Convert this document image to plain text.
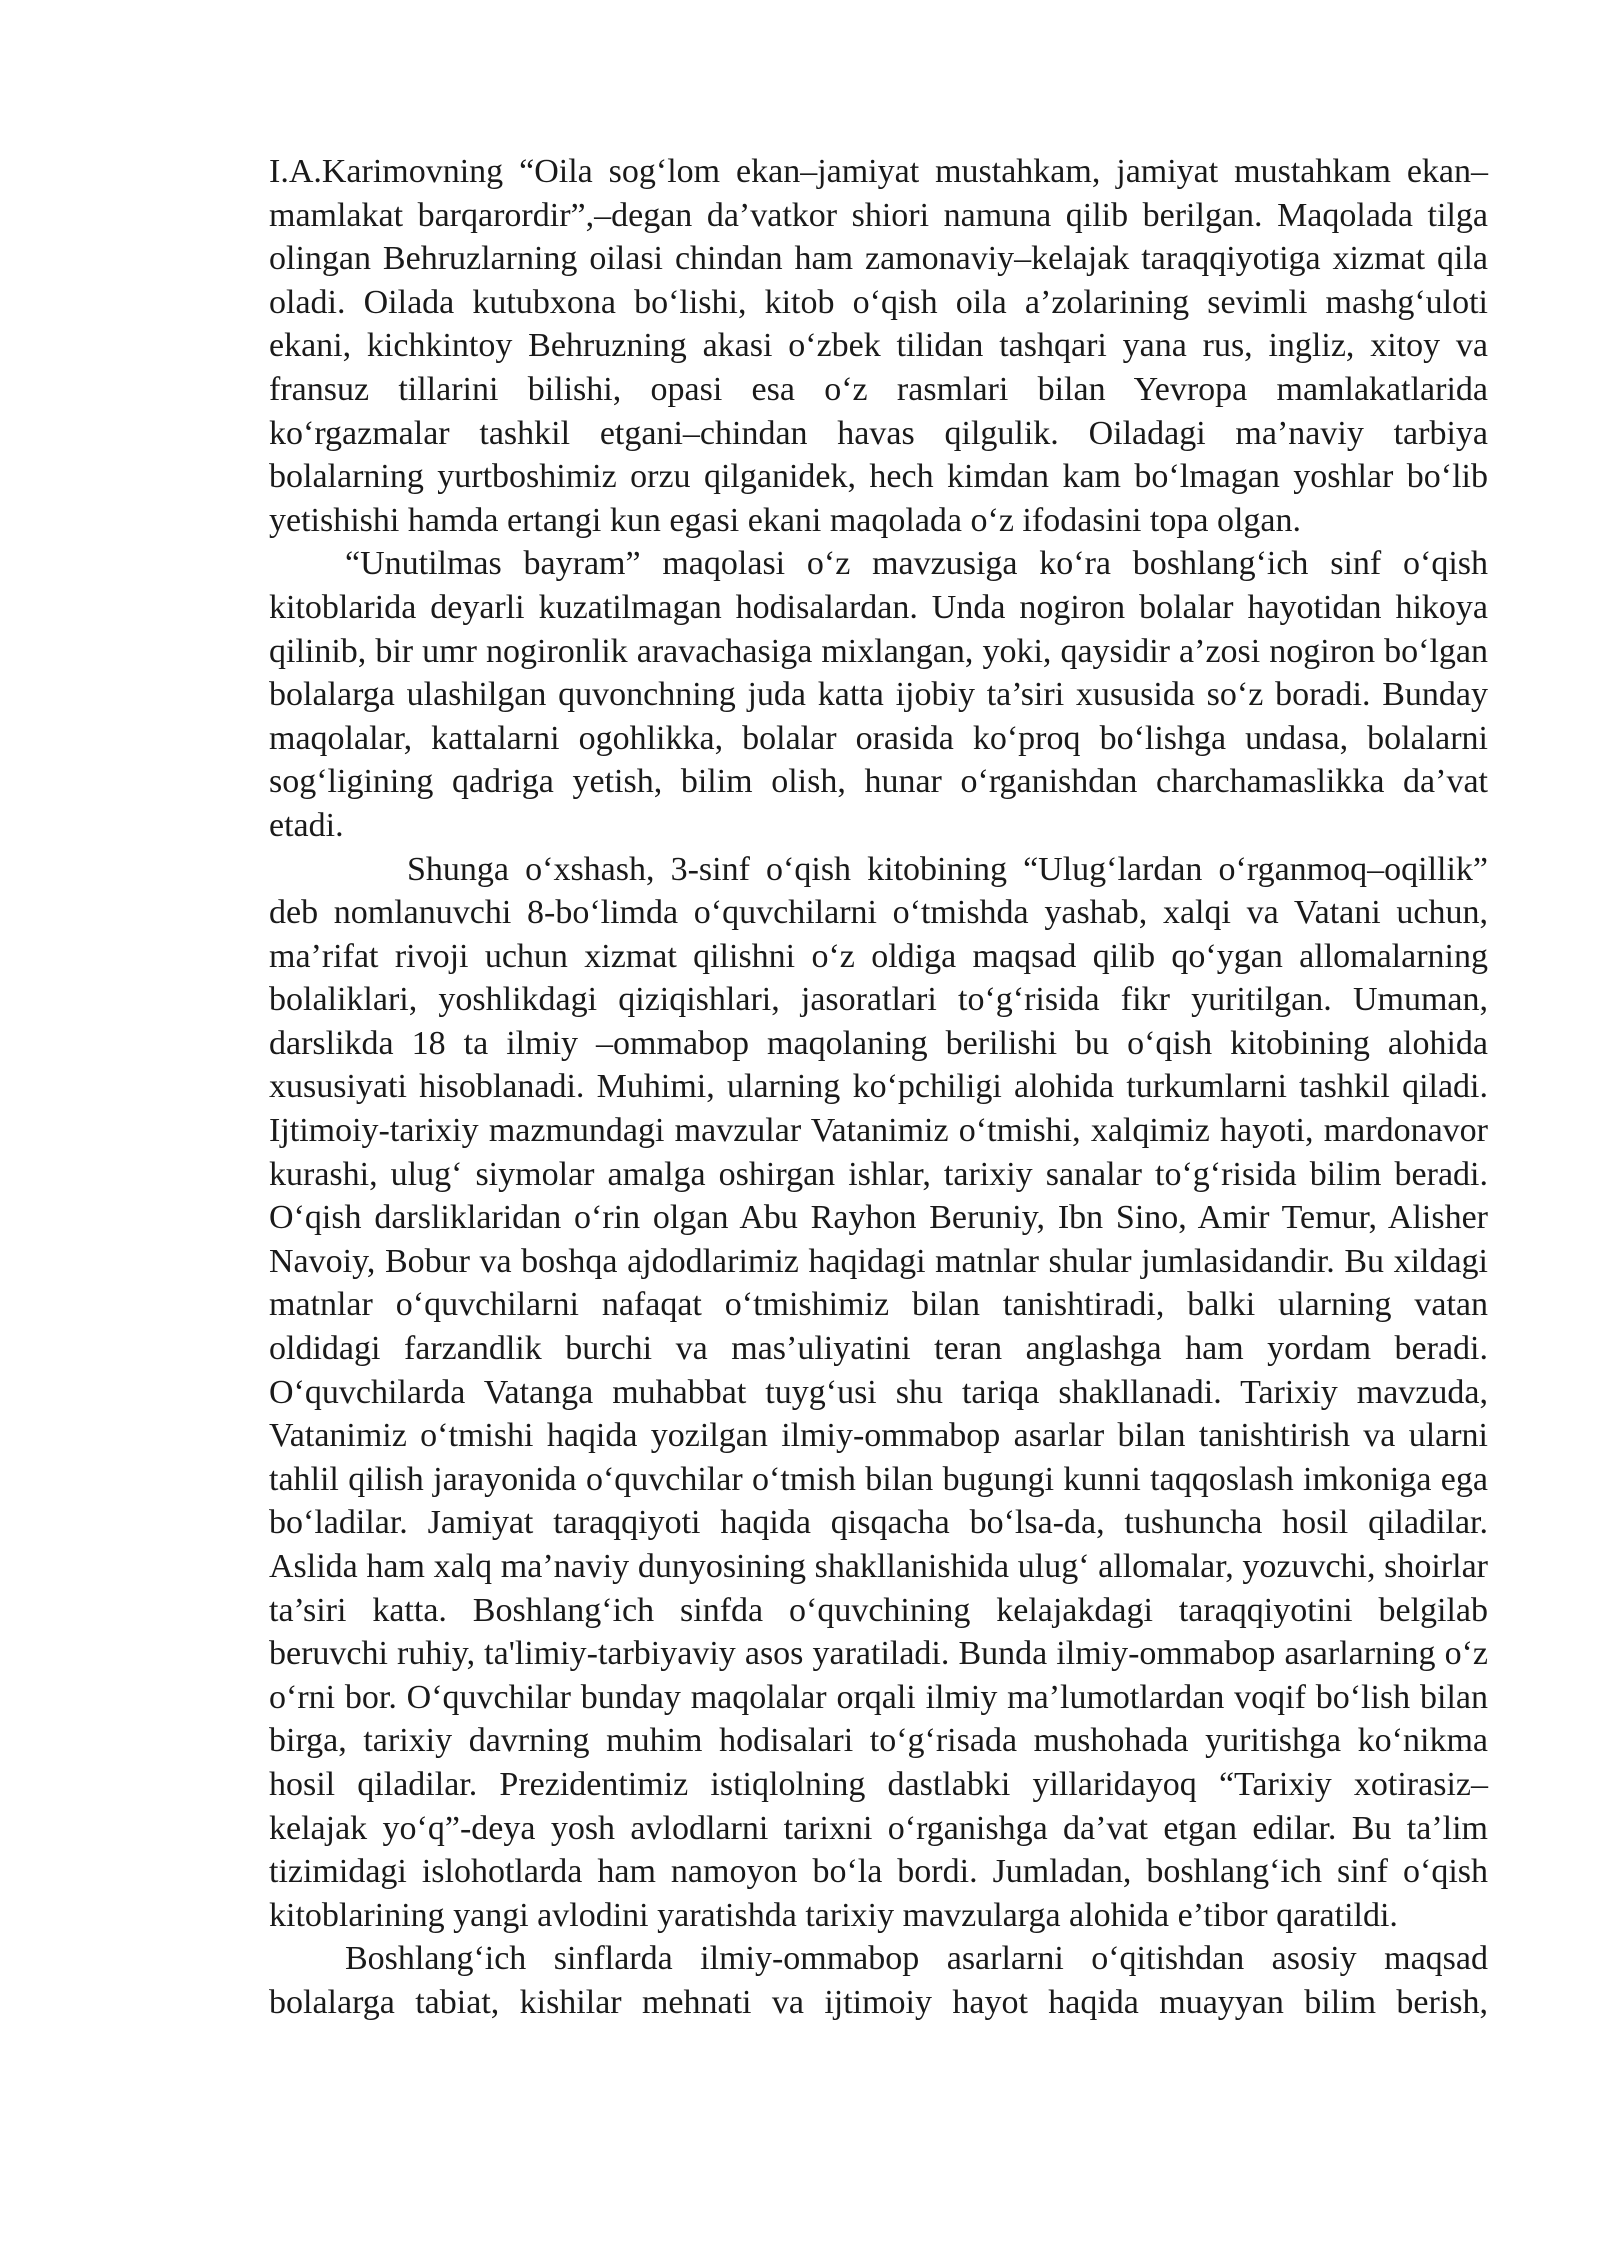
I.A.Karimovning “Oila sog‘lom ekan–jamiyat mustahkam, jamiyat mustahkam ekan–mamlakat barqarordir”,–degan da’vatkor shiori namuna qilib berilgan. Maqolada tilga olingan Behruzlarning oilasi chindan ham zamonaviy–kelajak taraqqiyotiga xizmat qila oladi. Oilada kutubxona bo‘lishi, kitob o‘qish oila a’zolarining sevimli mashg‘uloti ekani, kichkintoy Behruzning akasi o‘zbek tilidan tashqari yana rus, ingliz, xitoy va fransuz tillarini bilishi, opasi esa o‘z rasmlari bilan Yevropa mamlakatlarida ko‘rgazmalar tashkil etgani–chindan havas qilgulik. Oiladagi ma’naviy tarbiya bolalarning yurtboshimiz orzu qilganidek, hech kimdan kam bo‘lmagan yoshlar bo‘lib yetishishi hamda ertangi kun egasi ekani maqolada o‘z ifodasini topa olgan.

“Unutilmas bayram” maqolasi o‘z mavzusiga ko‘ra boshlang‘ich sinf o‘qish kitoblarida deyarli kuzatilmagan hodisalardan. Unda nogiron bolalar hayotidan hikoya qilinib, bir umr nogironlik aravachasiga mixlangan, yoki, qaysidir a’zosi nogiron bo‘lgan bolalarga ulashilgan quvonchning juda katta ijobiy ta’siri xususida so‘z boradi. Bunday maqolalar, kattalarni ogohlikka, bolalar orasida ko‘proq bo‘lishga undasa, bolalarni sog‘ligining qadriga yetish, bilim olish, hunar o‘rganishdan charchamaslikka da’vat etadi.

Shunga o‘xshash, 3-sinf o‘qish kitobining “Ulug‘lardan o‘rganmoq–oqillik” deb nomlanuvchi 8-bo‘limda o‘quvchilarni o‘tmishda yashab, xalqi va Vatani uchun, ma’rifat rivoji uchun xizmat qilishni o‘z oldiga maqsad qilib qo‘ygan allomalarning bolaliklari, yoshlikdagi qiziqishlari, jasoratlari to‘g‘risida fikr yuritilgan. Umuman, darslikda 18 ta ilmiy –ommabop maqolaning berilishi bu o‘qish kitobining alohida xususiyati hisoblanadi. Muhimi, ularning ko‘pchiligi alohida turkumlarni tashkil qiladi. Ijtimoiy-tarixiy mazmundagi mavzular Vatanimiz o‘tmishi, xalqimiz hayoti, mardonavor kurashi, ulug‘ siymolar amalga oshirgan ishlar, tarixiy sanalar to‘g‘risida bilim beradi. O‘qish darsliklaridan o‘rin olgan Abu Rayhon Beruniy, Ibn Sino, Amir Temur, Alisher Navoiy, Bobur va boshqa ajdodlarimiz haqidagi matnlar shular jumlasidandir. Bu xildagi matnlar o‘quvchilarni nafaqat o‘tmishimiz bilan tanishtiradi, balki ularning vatan oldidagi farzandlik burchi va mas’uliyatini teran anglashga ham yordam beradi. O‘quvchilarda Vatanga muhabbat tuyg‘usi shu tariqa shakllanadi. Tarixiy mavzuda, Vatanimiz o‘tmishi haqida yozilgan ilmiy-ommabop asarlar bilan tanishtirish va ularni tahlil qilish jarayonida o‘quvchilar o‘tmish bilan bugungi kunni taqqoslash imkoniga ega bo‘ladilar. Jamiyat taraqqiyoti haqida qisqacha bo‘lsa-da, tushuncha hosil qiladilar. Aslida ham xalq ma’naviy dunyosining shakllanishida ulug‘ allomalar, yozuvchi, shoirlar ta’siri katta. Boshlang‘ich sinfda o‘quvchining kelajakdagi taraqqiyotini belgilab beruvchi ruhiy, ta'limiy-tarbiyaviy asos yaratiladi. Bunda ilmiy-ommabop asarlarning o‘z o‘rni bor. O‘quvchilar bunday maqolalar orqali ilmiy ma’lumotlardan voqif bo‘lish bilan birga, tarixiy davrning muhim hodisalari to‘g‘risada mushohada yuritishga ko‘nikma hosil qiladilar. Prezidentimiz istiqlolning dastlabki yillaridayoq “Tarixiy xotirasiz–kelajak yo‘q”-deya yosh avlodlarni tarixni o‘rganishga da’vat etgan edilar. Bu ta’lim tizimidagi islohotlarda ham namoyon bo‘la bordi. Jumladan, boshlang‘ich sinf o‘qish kitoblarining yangi avlodini yaratishda tarixiy mavzularga alohida e’tibor qaratildi.

Boshlang‘ich sinflarda ilmiy-ommabop asarlarni o‘qitishdan asosiy maqsad bolalarga tabiat, kishilar mehnati va ijtimoiy hayot haqida muayyan bilim berish,
